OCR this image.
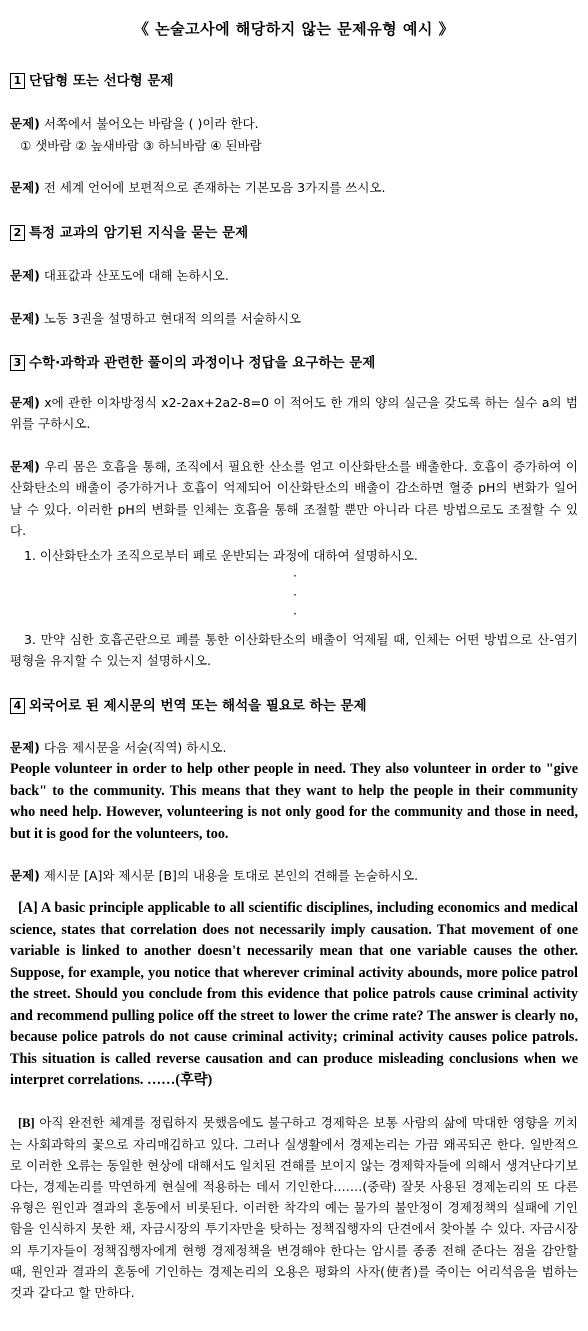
《 논술고사에 해당하지 않는 문제유형 예시 》
1 단답형 또는 선다형 문제
문제) 서쪽에서 불어오는 바람을 ( )이라 한다.
① 샛바람 ② 높새바람 ③ 하늬바람 ④ 된바람
문제) 전 세계 언어에 보편적으로 존재하는 기본모음 3가지를 쓰시오.
2 특정 교과의 암기된 지식을 묻는 문제
문제) 대표값과 산포도에 대해 논하시오.
문제) 노동 3권을 설명하고 현대적 의의를 서술하시오
3 수학·과학과 관련한 풀이의 과정이나 정답을 요구하는 문제
문제) x에 관한 이차방정식 x2-2ax+2a2-8=0 이 적어도 한 개의 양의 실근을 갖도록 하는 실수 a의 범위를 구하시오.
문제) 우리 몸은 호흡을 통해, 조직에서 필요한 산소를 얻고 이산화탄소를 배출한다. 호흡이 증가하여 이산화탄소의 배출이 증가하거나 호흡이 억제되어 이산화탄소의 배출이 감소하면 혈중 pH의 변화가 일어날 수 있다. 이러한 pH의 변화를 인체는 호흡을 통해 조절할 뿐만 아니라 다른 방법으로도 조절할 수 있다.
1. 이산화탄소가 조직으로부터 폐로 운반되는 과정에 대하여 설명하시오.
·
·
·
3. 만약 심한 호흡곤란으로 폐를 통한 이산화탄소의 배출이 억제될 때, 인체는 어떤 방법으로 산-염기 평형을 유지할 수 있는지 설명하시오.
4 외국어로 된 제시문의 번역 또는 해석을 필요로 하는 문제
문제) 다음 제시문을 서술(직역) 하시오.
People volunteer in order to help other people in need. They also volunteer in order to "give back" to the community. This means that they want to help the people in their community who need help. However, volunteering is not only good for the community and those in need, but it is good for the volunteers, too.
문제) 제시문 [A]와 제시문 [B]의 내용을 토대로 본인의 견해를 논술하시오.
[A] A basic principle applicable to all scientific disciplines, including economics and medical science, states that correlation does not necessarily imply causation. That movement of one variable is linked to another doesn't necessarily mean that one variable causes the other. Suppose, for example, you notice that wherever criminal activity abounds, more police patrol the street. Should you conclude from this evidence that police patrols cause criminal activity and recommend pulling police off the street to lower the crime rate? The answer is clearly no, because police patrols do not cause criminal activity; criminal activity causes police patrols. This situation is called reverse causation and can produce misleading conclusions when we interpret correlations. ……(후략)
[B] 아직 완전한 체계를 정립하지 못했음에도 불구하고 경제학은 보통 사람의 삶에 막대한 영향을 끼치는 사회과학의 꽃으로 자리매김하고 있다. 그러나 실생활에서 경제논리는 가끔 왜곡되곤 한다. 일반적으로 이러한 오류는 동일한 현상에 대해서도 일치된 견해를 보이지 않는 경제학자들에 의해서 생겨난다기보다는, 경제논리를 막연하게 현실에 적용하는 데서 기인한다.……(중략) 잘못 사용된 경제논리의 또 다른 유형은 원인과 결과의 혼동에서 비롯된다. 이러한 착각의 예는 물가의 불안정이 경제정책의 실패에 기인함을 인식하지 못한 채, 자금시장의 투기자만을 탓하는 정책집행자의 단견에서 찾아볼 수 있다. 자금시장의 투기자들이 정책집행자에게 현행 경제정책을 변경해야 한다는 암시를 종종 전해 준다는 점을 감안할 때, 원인과 결과의 혼동에 기인하는 경제논리의 오용은 평화의 사자(使者)를 죽이는 어리석음을 범하는 것과 같다고 할 만하다.
